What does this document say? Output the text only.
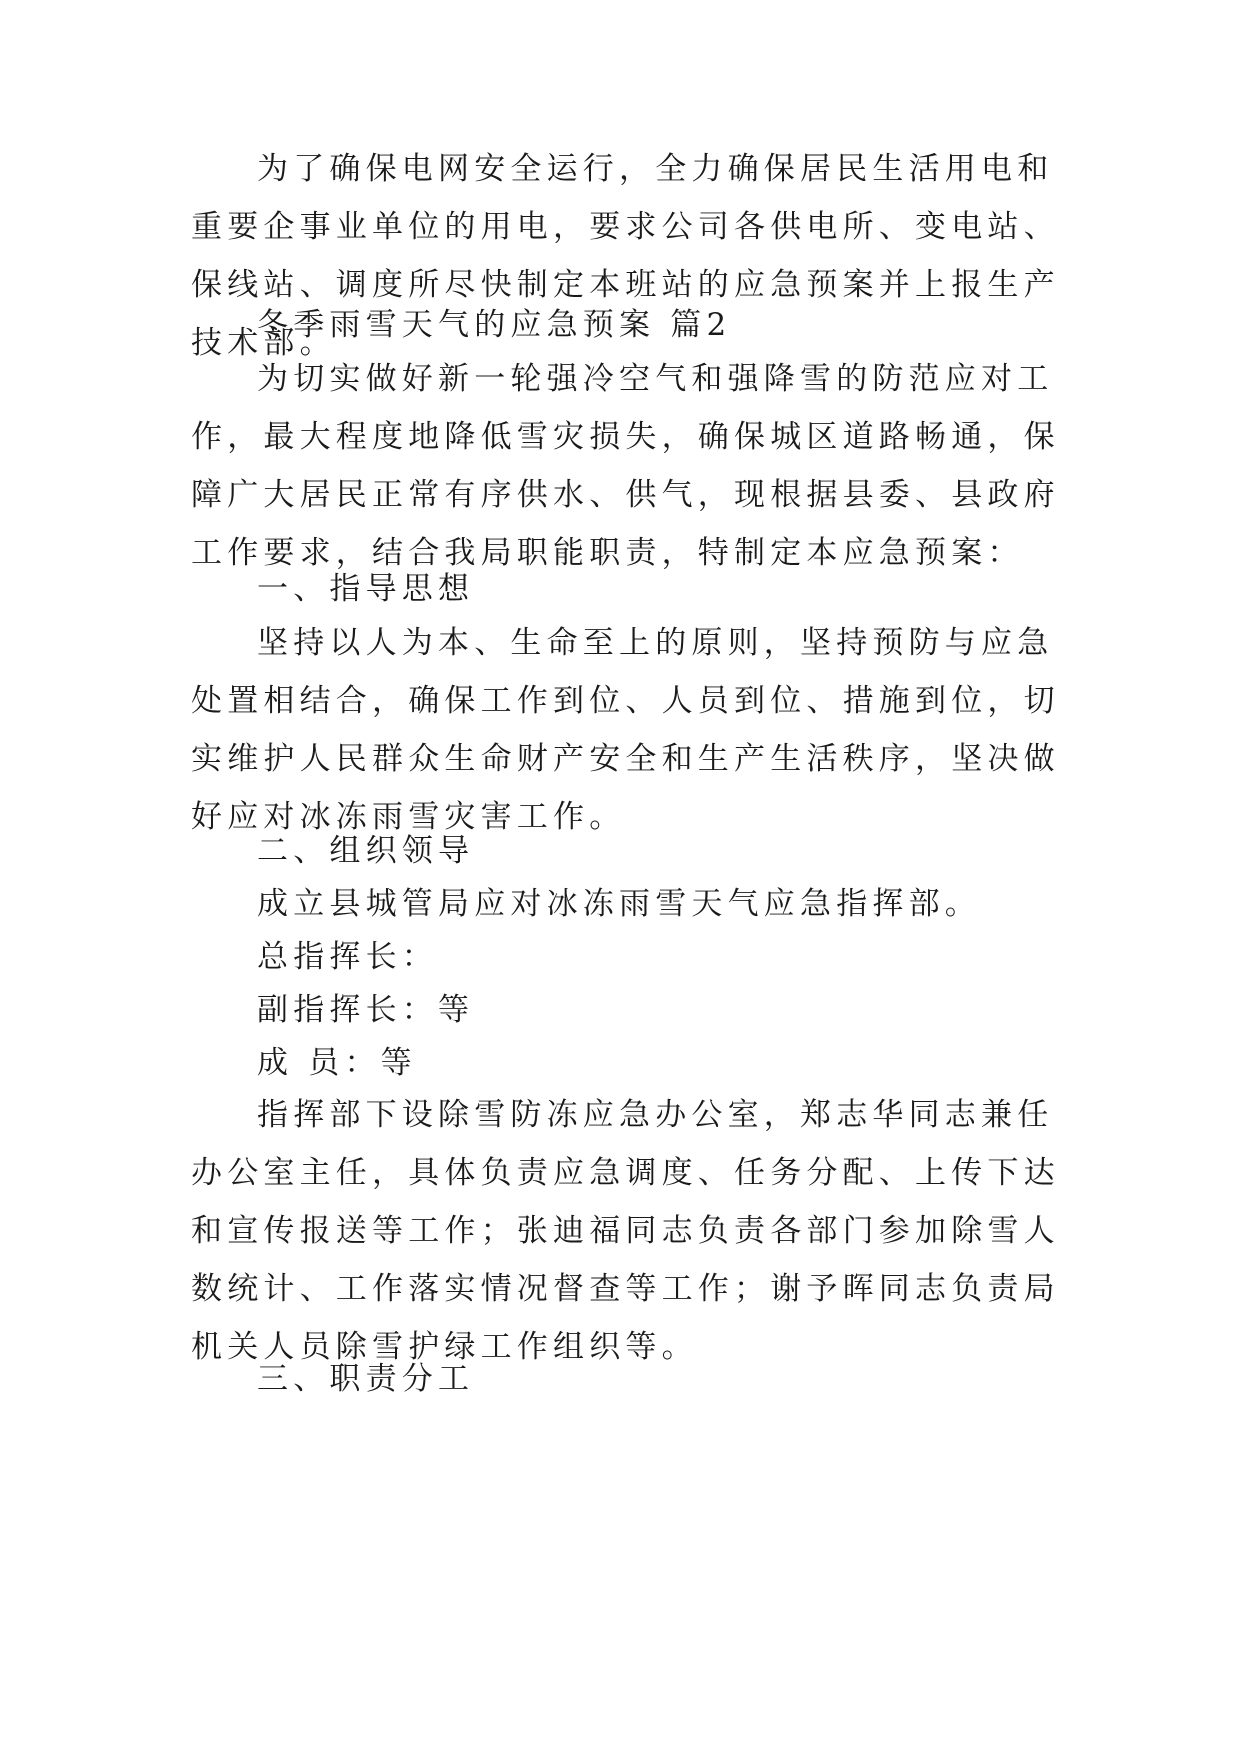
为了确保电网安全运行，全力确保居民生活用电和重要企事业单位的用电，要求公司各供电所、变电站、保线站、调度所尽快制定本班站的应急预案并上报生产技术部。

冬季雨雪天气的应急预案 篇2

为切实做好新一轮强冷空气和强降雪的防范应对工作，最大程度地降低雪灾损失，确保城区道路畅通，保障广大居民正常有序供水、供气，现根据县委、县政府工作要求，结合我局职能职责，特制定本应急预案：

一、指导思想

坚持以人为本、生命至上的原则，坚持预防与应急处置相结合，确保工作到位、人员到位、措施到位，切实维护人民群众生命财产安全和生产生活秩序，坚决做好应对冰冻雨雪灾害工作。

二、组织领导

成立县城管局应对冰冻雨雪天气应急指挥部。

总指挥长：

副指挥长：等

成 员：等

指挥部下设除雪防冻应急办公室，郑志华同志兼任办公室主任，具体负责应急调度、任务分配、上传下达和宣传报送等工作；张迪福同志负责各部门参加除雪人数统计、工作落实情况督查等工作；谢予晖同志负责局机关人员除雪护绿工作组织等。

三、职责分工
